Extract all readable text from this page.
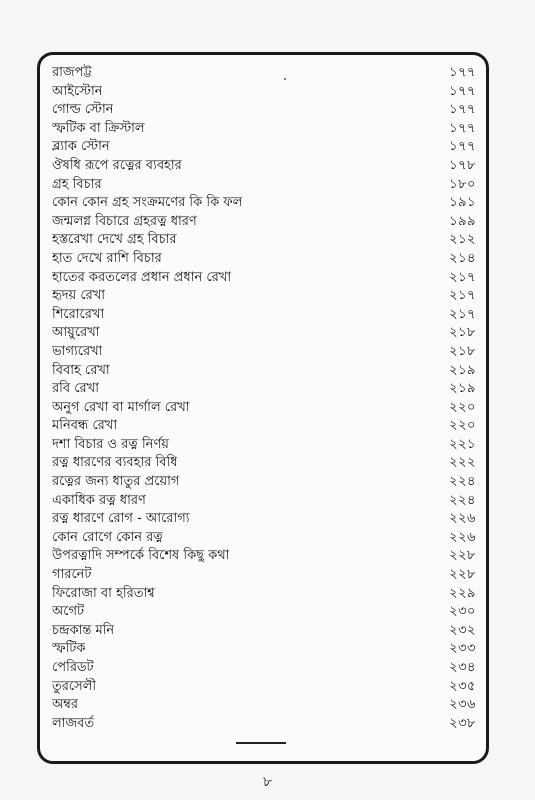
রাজপট্ট	১৭৭
আইস্টোন	১৭৭
গোল্ড স্টোন	১৭৭
স্ফটিক বা ক্রিস্টাল	১৭৭
ব্ল্যাক স্টোন	১৭৭
ঔষধি রূপে রত্নের ব্যবহার	১৭৮
গ্রহ বিচার	১৮০
কোন কোন গ্রহ সংক্রমণের কি কি ফল	১৯১
জন্মলগ্ন বিচারে গ্রহরত্ন ধারণ	১৯৯
হস্তরেখা দেখে গ্রহ বিচার	২১২
হাত দেখে রাশি বিচার	২১৪
হাতের করতলের প্রধান প্রধান রেখা	২১৭
হৃদয় রেখা	২১৭
শিরোরেখা	২১৭
আয়ুরেখা	২১৮
ভাগ্যরেখা	২১৮
বিবাহ রেখা	২১৯
রবি রেখা	২১৯
অনুগ রেখা বা মার্গাল রেখা	২২০
মনিবন্ধ রেখা	২২০
দশা বিচার ও রত্ন নির্ণয়	২২১
রত্ন ধারণের ব্যবহার বিধি	২২২
রত্নের জন্য ধাতুর প্রয়োগ	২২৪
একাধিক রত্ন ধারণ	২২৪
রত্ন ধারণে রোগ - আরোগ্য	২২৬
কোন রোগে কোন রত্ন	২২৬
উপরত্নাদি সম্পর্কে বিশেষ কিছু কথা	২২৮
গারনেট	২২৮
ফিরোজা বা হরিতাশ্ব	২২৯
অগেট	২৩০
চন্দ্রকান্ত মনি	২৩২
স্ফটিক	২৩৩
পেরিডট	২৩৪
তুরসেলী	২৩৫
অম্বর	২৩৬
লাজবর্ত	২৩৮
৮
